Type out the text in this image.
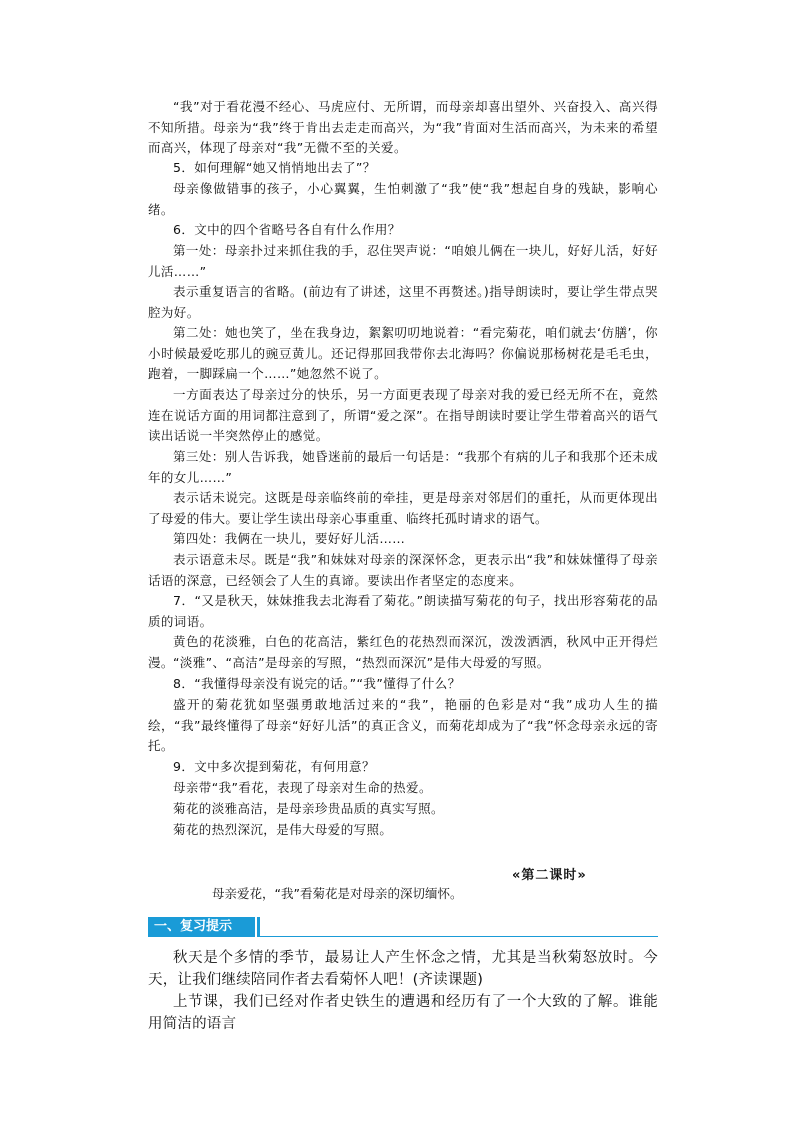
“我”对于看花漫不经心、马虎应付、无所谓，而母亲却喜出望外、兴奋投入、高兴得不知所措。母亲为“我”终于肯出去走走而高兴，为“我”肯面对生活而高兴，为未来的希望而高兴，体现了母亲对“我”无微不至的关爱。

5．如何理解“她又悄悄地出去了”？

母亲像做错事的孩子，小心翼翼，生怕刺激了“我”使“我”想起自身的残缺，影响心绪。

6．文中的四个省略号各自有什么作用？

第一处：母亲扑过来抓住我的手，忍住哭声说：“咱娘儿俩在一块儿，好好儿活，好好儿活……”

表示重复语言的省略。(前边有了讲述，这里不再赘述。)指导朗读时，要让学生带点哭腔为好。

第二处：她也笑了，坐在我身边，絮絮叨叨地说着：“看完菊花，咱们就去‘仿膳’，你小时候最爱吃那儿的豌豆黄儿。还记得那回我带你去北海吗？你偏说那杨树花是毛毛虫，跑着，一脚踩扁一个……”她忽然不说了。

一方面表达了母亲过分的快乐，另一方面更表现了母亲对我的爱已经无所不在，竟然连在说话方面的用词都注意到了，所谓“爱之深”。在指导朗读时要让学生带着高兴的语气读出话说一半突然停止的感觉。

第三处：别人告诉我，她昏迷前的最后一句话是：“我那个有病的儿子和我那个还未成年的女儿……”

表示话未说完。这既是母亲临终前的牵挂，更是母亲对邻居们的重托，从而更体现出了母爱的伟大。要让学生读出母亲心事重重、临终托孤时请求的语气。

第四处：我俩在一块儿，要好好儿活……

表示语意未尽。既是“我”和妹妹对母亲的深深怀念，更表示出“我”和妹妹懂得了母亲话语的深意，已经领会了人生的真谛。要读出作者坚定的态度来。

7．“又是秋天，妹妹推我去北海看了菊花。”朗读描写菊花的句子，找出形容菊花的品质的词语。

黄色的花淡雅，白色的花高洁，紫红色的花热烈而深沉，泼泼洒洒，秋风中正开得烂漫。 “淡雅”、“高洁”是母亲的写照，“热烈而深沉”是伟大母爱的写照。

8．“我懂得母亲没有说完的话。”“我”懂得了什么？

盛开的菊花犹如坚强勇敢地活过来的“我”，艳丽的色彩是对“我”成功人生的描绘，“我”最终懂得了母亲“好好儿活”的真正含义，而菊花却成为了“我”怀念母亲永远的寄托。

9．文中多次提到菊花，有何用意？

母亲带“我”看花，表现了母亲对生命的热爱。

菊花的淡雅高洁，是母亲珍贵品质的真实写照。

菊花的热烈深沉，是伟大母爱的写照。

«第二课时»
母亲爱花，“我”看菊花是对母亲的深切缅怀。
一、复习提示

秋天是个多情的季节，最易让人产生怀念之情，尤其是当秋菊怒放时。今天，让我们继续陪同作者去看菊怀人吧！(齐读课题)

上节课，我们已经对作者史铁生的遭遇和经历有了一个大致的了解。谁能用简洁的语言
